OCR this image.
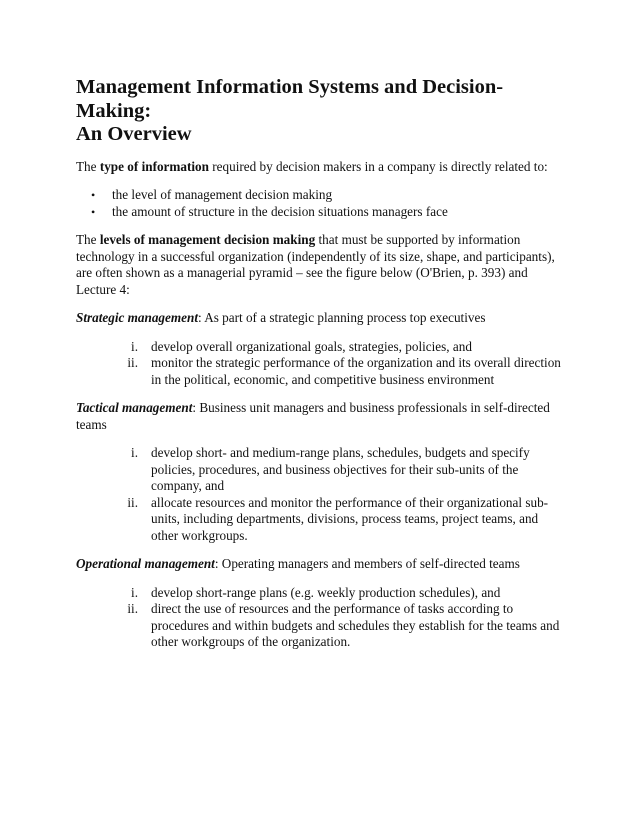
Management Information Systems and Decision-Making:
An Overview

The type of information required by decision makers in a company is directly related to:

• the level of management decision making
• the amount of structure in the decision situations managers face

The levels of management decision making that must be supported by information technology in a successful organization (independently of its size, shape, and participants), are often shown as a managerial pyramid – see the figure below (O'Brien, p. 393) and Lecture 4:

Strategic management: As part of a strategic planning process top executives

i. develop overall organizational goals, strategies, policies, and
ii. monitor the strategic performance of the organization and its overall direction in the political, economic, and competitive business environment

Tactical management: Business unit managers and business professionals in self-directed teams

i. develop short- and medium-range plans, schedules, budgets and specify policies, procedures, and business objectives for their sub-units of the company, and
ii. allocate resources and monitor the performance of their organizational sub-units, including departments, divisions, process teams, project teams, and other workgroups.

Operational management: Operating managers and members of self-directed teams

i. develop short-range plans (e.g. weekly production schedules), and
ii. direct the use of resources and the performance of tasks according to procedures and within budgets and schedules they establish for the teams and other workgroups of the organization.
